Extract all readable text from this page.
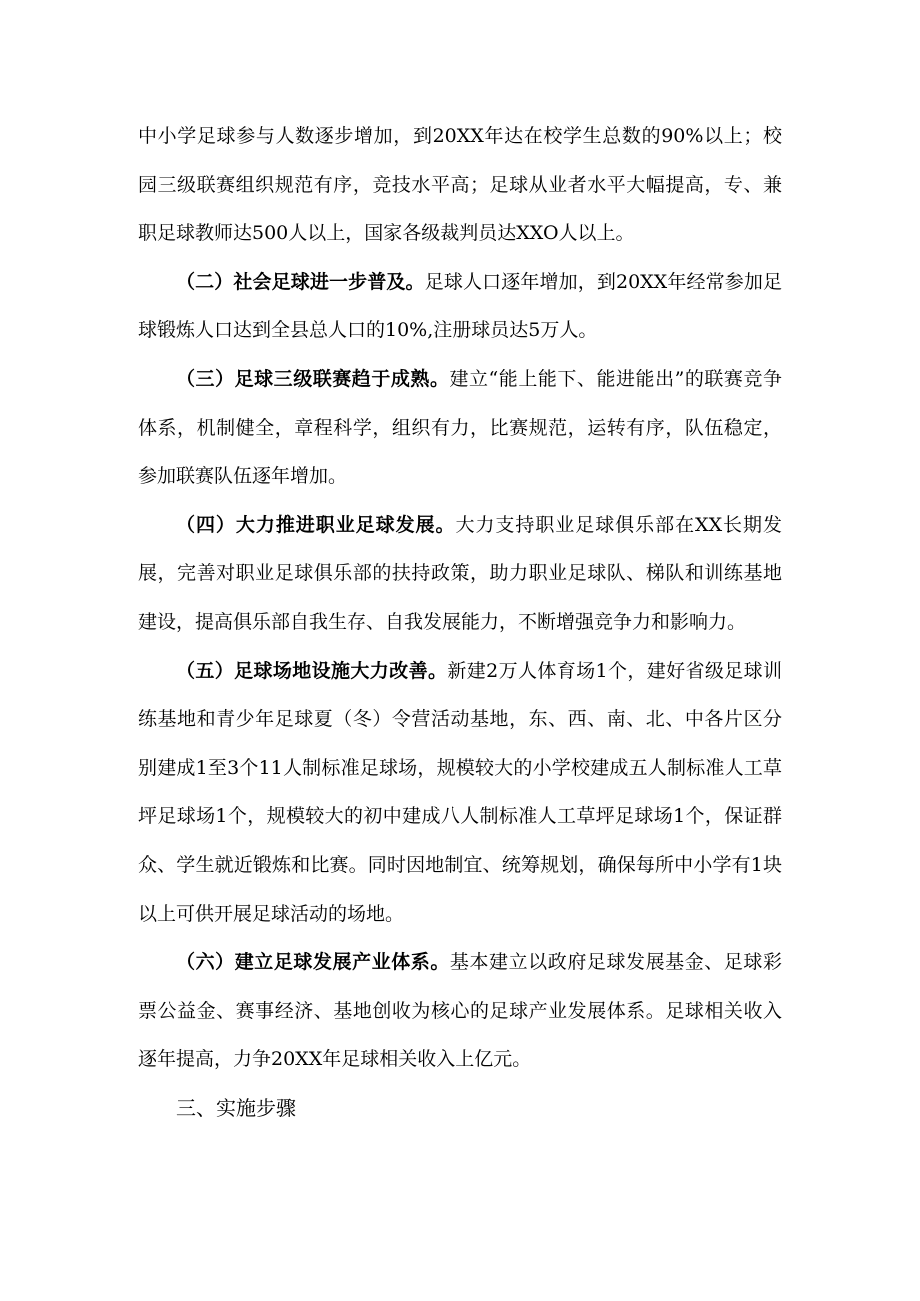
中小学足球参与人数逐步增加，到20XX年达在校学生总数的90%以上；校园三级联赛组织规范有序，竞技水平高；足球从业者水平大幅提高，专、兼职足球教师达500人以上，国家各级裁判员达XXO人以上。

（二）社会足球进一步普及。足球人口逐年增加，到20XX年经常参加足球锻炼人口达到全县总人口的10%,注册球员达5万人。

（三）足球三级联赛趋于成熟。建立“能上能下、能进能出”的联赛竞争体系，机制健全，章程科学，组织有力，比赛规范，运转有序，队伍稳定，参加联赛队伍逐年增加。

（四）大力推进职业足球发展。大力支持职业足球俱乐部在XX长期发展，完善对职业足球俱乐部的扶持政策，助力职业足球队、梯队和训练基地建设，提高俱乐部自我生存、自我发展能力，不断增强竞争力和影响力。

（五）足球场地设施大力改善。新建2万人体育场1个，建好省级足球训练基地和青少年足球夏（冬）令营活动基地，东、西、南、北、中各片区分别建成1至3个11人制标准足球场，规模较大的小学校建成五人制标准人工草坪足球场1个，规模较大的初中建成八人制标准人工草坪足球场1个，保证群众、学生就近锻炼和比赛。同时因地制宜、统筹规划，确保每所中小学有1块以上可供开展足球活动的场地。

（六）建立足球发展产业体系。基本建立以政府足球发展基金、足球彩票公益金、赛事经济、基地创收为核心的足球产业发展体系。足球相关收入逐年提高，力争20XX年足球相关收入上亿元。

三、实施步骤
